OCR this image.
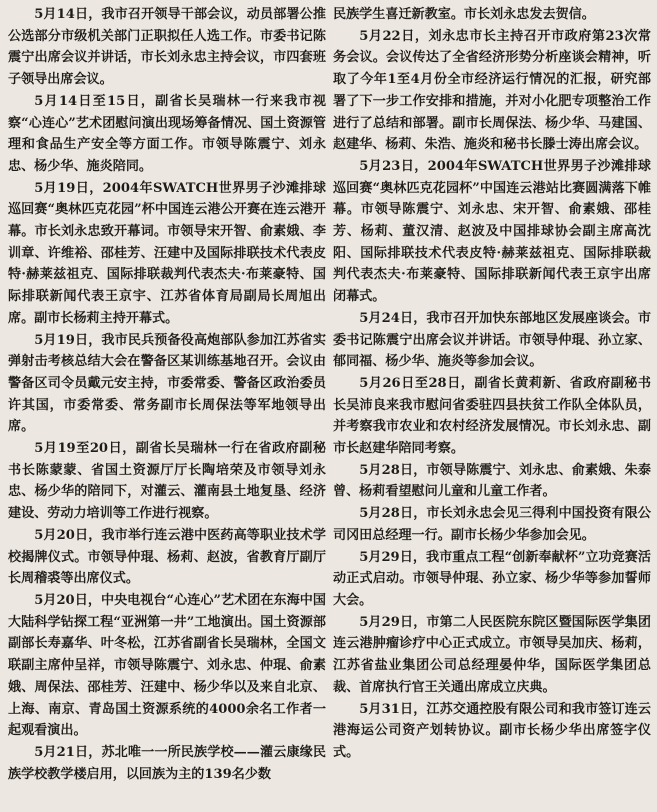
5月14日，我市召开领导干部会议，动员部署公推公选部分市级机关部门正职拟任人选工作。市委书记陈震宁出席会议并讲话，市长刘永忠主持会议，市四套班子领导出席会议。

5月14日至15日，副省长吴瑞林一行来我市视察“心连心”艺术团慰问演出现场筹备情况、国土资源管理和食品生产安全等方面工作。市领导陈震宁、刘永忠、杨少华、施炎陪同。

5月19日，2004年SWATCH世界男子沙滩排球巡回赛“奥林匹克花园”杯中国连云港公开赛在连云港开幕。市长刘永忠致开幕词。市领导宋开智、俞素娥、李训章、许维裕、邵桂芳、汪建中及国际排联技术代表皮特·赫莱兹祖克、国际排联裁判代表杰夫·布莱豪特、国际排联新闻代表王京宇、江苏省体育局副局长周旭出席。副市长杨莉主持开幕式。

5月19日，我市民兵预备役高炮部队参加江苏省实弹射击考核总结大会在警备区某训练基地召开。会议由警备区司令员戴元安主持，市委常委、警备区政治委员许其国，市委常委、常务副市长周保法等军地领导出席。

5月19至20日，副省长吴瑞林一行在省政府副秘书长陈蒙蒙、省国土资源厅厅长陶培荣及市领导刘永忠、杨少华的陪同下，对灌云、灌南县土地复垦、经济建设、劳动力培训等工作进行视察。

5月20日，我市举行连云港中医药高等职业技术学校揭牌仪式。市领导仲琨、杨莉、赵波，省教育厅副厅长周稽裘等出席仪式。

5月20日，中央电视台“心连心”艺术团在东海中国大陆科学钻探工程“亚洲第一井”工地演出。国土资源部副部长寿嘉华、叶冬松，江苏省副省长吴瑞林，全国文联副主席仲呈祥，市领导陈震宁、刘永忠、仲琨、俞素娥、周保法、邵桂芳、汪建中、杨少华以及来自北京、上海、南京、青岛国土资源系统的4000余名工作者一起观看演出。

5月21日，苏北唯一一所民族学校——灌云康缘民族学校教学楼启用，以回族为主的139名少数

民族学生喜迁新教室。市长刘永忠发去贺信。

5月22日，刘永忠市长主持召开市政府第23次常务会议。会议传达了全省经济形势分析座谈会精神，听取了今年1至4月份全市经济运行情况的汇报，研究部署了下一步工作安排和措施，并对小化肥专项整治工作进行了总结和部署。副市长周保法、杨少华、马建国、赵建华、杨莉、朱浩、施炎和秘书长滕士涛出席会议。

5月23日，2004年SWATCH世界男子沙滩排球巡回赛“奥林匹克花园杯”中国连云港站比赛圆满落下帷幕。市领导陈震宁、刘永忠、宋开智、俞素娥、邵桂芳、杨莉、董汉清、赵波及中国排球协会副主席高沈阳、国际排联技术代表皮特·赫莱兹祖克、国际排联裁判代表杰夫·布莱豪特、国际排联新闻代表王京宇出席闭幕式。

5月24日，我市召开加快东部地区发展座谈会。市委书记陈震宁出席会议并讲话。市领导仲琨、孙立家、郁同福、杨少华、施炎等参加会议。

5月26日至28日，副省长黄莉新、省政府副秘书长吴沛良来我市慰问省委驻四县扶贫工作队全体队员，并考察我市农业和农村经济发展情况。市长刘永忠、副市长赵建华陪同考察。

5月28日，市领导陈震宁、刘永忠、俞素娥、朱泰曾、杨莉看望慰问儿童和儿童工作者。

5月28日，市长刘永忠会见三得利中国投资有限公司冈田总经理一行。副市长杨少华参加会见。

5月29日，我市重点工程“创新奉献杯”立功竞赛活动正式启动。市领导仲琨、孙立家、杨少华等参加誓师大会。

5月29日，市第二人民医院东院区暨国际医学集团连云港肿瘤诊疗中心正式成立。市领导吴加庆、杨莉，江苏省盐业集团公司总经理晏仲华，国际医学集团总裁、首席执行官王关通出席成立庆典。

5月31日，江苏交通控股有限公司和我市签订连云港海运公司资产划转协议。副市长杨少华出席签字仪式。
